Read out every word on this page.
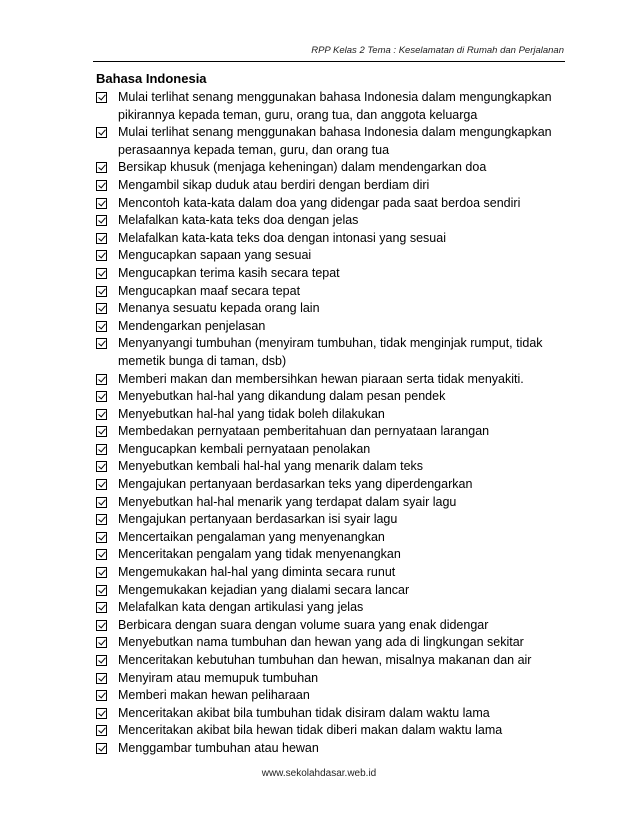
RPP Kelas 2 Tema : Keselamatan di Rumah dan Perjalanan
Bahasa Indonesia
Mulai terlihat senang menggunakan bahasa Indonesia dalam mengungkapkan pikirannya kepada teman, guru, orang tua, dan anggota keluarga
Mulai terlihat senang menggunakan bahasa Indonesia dalam mengungkapkan perasaannya kepada teman, guru, dan orang tua
Bersikap khusuk (menjaga keheningan) dalam mendengarkan doa
Mengambil sikap duduk atau berdiri dengan berdiam diri
Mencontoh kata-kata dalam doa yang didengar pada saat berdoa sendiri
Melafalkan kata-kata teks doa dengan jelas
Melafalkan kata-kata teks doa dengan intonasi yang sesuai
Mengucapkan sapaan yang sesuai
Mengucapkan terima kasih secara tepat
Mengucapkan maaf secara tepat
Menanya sesuatu kepada orang lain
Mendengarkan penjelasan
Menyanyangi tumbuhan (menyiram tumbuhan, tidak menginjak rumput, tidak memetik bunga di taman, dsb)
Memberi makan dan membersihkan hewan piaraan serta tidak menyakiti.
Menyebutkan hal-hal yang dikandung dalam pesan pendek
Menyebutkan hal-hal yang tidak boleh dilakukan
Membedakan pernyataan pemberitahuan dan pernyataan larangan
Mengucapkan kembali pernyataan penolakan
Menyebutkan kembali hal-hal yang menarik dalam teks
Mengajukan pertanyaan berdasarkan teks yang diperdengarkan
Menyebutkan hal-hal menarik yang terdapat dalam syair lagu
Mengajukan pertanyaan berdasarkan isi syair lagu
Mencertaikan pengalaman yang menyenangkan
Menceritakan pengalam yang tidak menyenangkan
Mengemukakan hal-hal yang diminta secara runut
Mengemukakan kejadian yang dialami secara lancar
Melafalkan kata dengan artikulasi yang jelas
Berbicara dengan suara dengan volume suara yang enak didengar
Menyebutkan nama tumbuhan dan hewan yang ada di lingkungan sekitar
Menceritakan kebutuhan tumbuhan dan hewan, misalnya makanan dan air
Menyiram atau memupuk tumbuhan
Memberi makan hewan peliharaan
Menceritakan akibat bila tumbuhan tidak disiram dalam waktu lama
Menceritakan akibat bila hewan tidak diberi makan dalam waktu lama
Menggambar tumbuhan atau hewan
www.sekolahdasar.web.id
